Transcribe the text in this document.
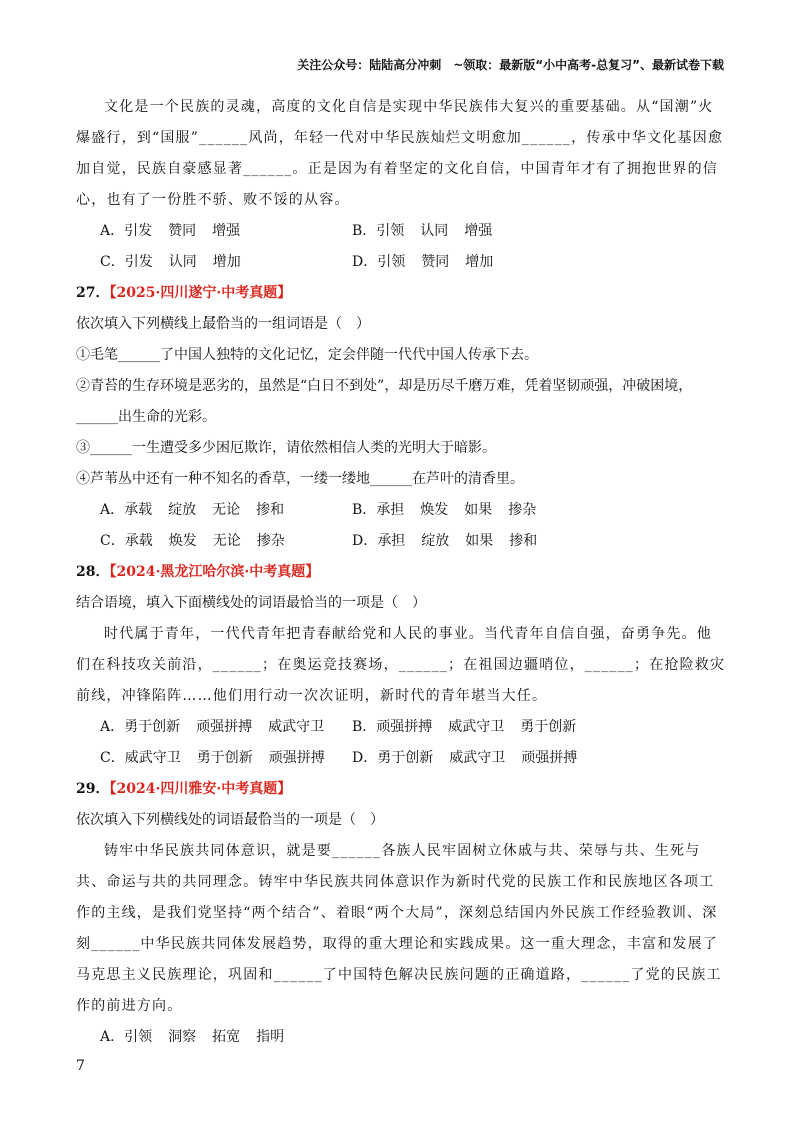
关注公众号：陆陆高分冲刺　~领取：最新版“小中高考-总复习”、最新试卷下载

文化是一个民族的灵魂，高度的文化自信是实现中华民族伟大复兴的重要基础。从“国潮”火爆盛行，到“国服”______风尚，年轻一代对中华民族灿烂文明愈加______，传承中华文化基因愈加自觉，民族自豪感显著______。正是因为有着坚定的文化自信，中国青年才有了拥抱世界的信心，也有了一份胜不骄、败不馁的从容。

A．引发 赞同 增强	B．引领 认同 增强
C．引发 认同 增加	D．引领 赞同 增加

27．【2025·四川遂宁·中考真题】

依次填入下列横线上• • • 最恰当的一组词语是（　）

①毛笔______了中国人独特的文化记忆，定会伴随一代代中国人传承下去。

②青苔的生存环境是恶劣的，虽然是“白日不到处”，却是历尽千磨万难，凭着坚韧顽强，冲破困境，

______出生命的光彩。

③______一生遭受多少困厄欺诈，请依然相信人类的光明大于暗影。

④芦苇丛中还有一种不知名的香草，一缕一缕地______在芦叶的清香里。

A．承载 绽放 无论 掺和	B．承担 焕发 如果 掺杂
C．承载 焕发 无论 掺杂	D．承担 绽放 如果 掺和

28．【2024·黑龙江哈尔滨·中考真题】

结合语境，填入下面横线处的词语最恰当的一项是（　）

时代属于青年，一代代青年把青春献给党和人民的事业。当代青年自信自强，奋勇争先。他们在科技攻关前沿，______；在奥运竞技赛场，______；在祖国边疆哨位，______；在抢险救灾前线，冲锋陷阵……他们用行动一次次证明，新时代的青年堪当大任。

A．勇于创新 顽强拼搏 威武守卫 B．顽强拼搏 威武守卫 勇于创新
C．威武守卫 勇于创新 顽强拼搏 D．勇于创新 威武守卫 顽强拼搏

29．【2024·四川雅安·中考真题】

依次填入下列横线处的词语• • • 最恰当的一项是（　）

铸牢中华民族共同体意识，就是要______各族人民牢固树立休戚与共、荣辱与共、生死与共、命运与共的共同理念。铸牢中华民族共同体意识作为新时代党的民族工作和民族地区各项工作的主线，是我们党坚持“两个结合”、着眼“两个大局”，深刻总结国内外民族工作经验教训、深刻______中华民族共同体发展趋势，取得的重大理论和实践成果。这一重大理念，丰富和发展了马克思主义民族理论，巩固和______了中国特色解决民族问题的正确道路，______了党的民族工作的前进方向。

A．引领 洞察 拓宽 指明
7
